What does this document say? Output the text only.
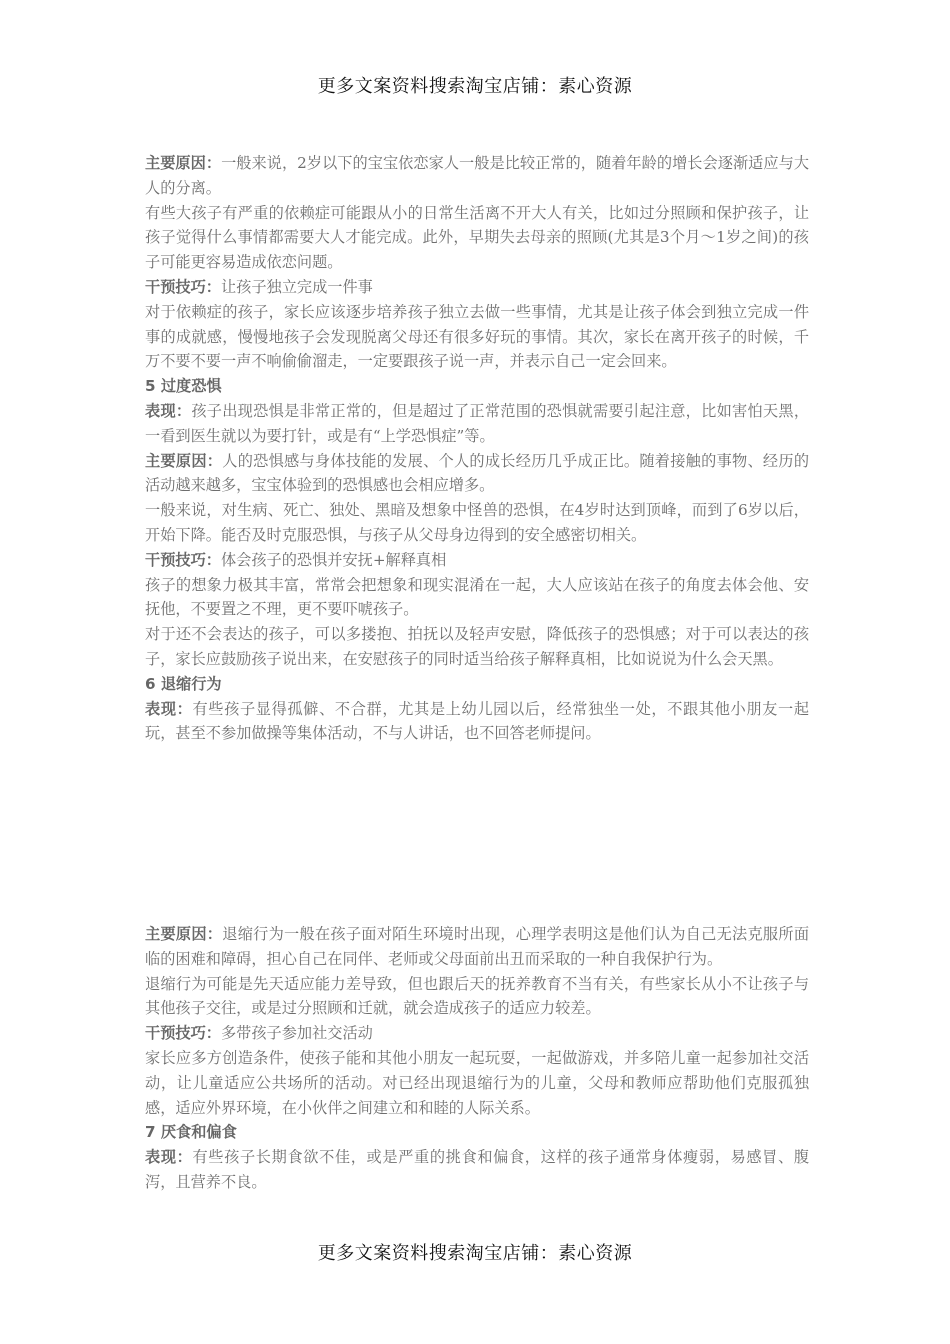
更多文案资料搜索淘宝店铺：素心资源

主要原因：一般来说，2岁以下的宝宝依恋家人一般是比较正常的，随着年龄的增长会逐渐适应与大人的分离。

有些大孩子有严重的依赖症可能跟从小的日常生活离不开大人有关，比如过分照顾和保护孩子，让孩子觉得什么事情都需要大人才能完成。此外，早期失去母亲的照顾(尤其是3个月～1岁之间)的孩子可能更容易造成依恋问题。

干预技巧：让孩子独立完成一件事

对于依赖症的孩子，家长应该逐步培养孩子独立去做一些事情，尤其是让孩子体会到独立完成一件事的成就感，慢慢地孩子会发现脱离父母还有很多好玩的事情。其次，家长在离开孩子的时候，千万不要不要一声不响偷偷溜走，一定要跟孩子说一声，并表示自己一定会回来。

5 过度恐惧

表现：孩子出现恐惧是非常正常的，但是超过了正常范围的恐惧就需要引起注意，比如害怕天黑，一看到医生就以为要打针，或是有“上学恐惧症”等。

主要原因：人的恐惧感与身体技能的发展、个人的成长经历几乎成正比。随着接触的事物、经历的活动越来越多，宝宝体验到的恐惧感也会相应增多。

一般来说，对生病、死亡、独处、黑暗及想象中怪兽的恐惧，在4岁时达到顶峰，而到了6岁以后，开始下降。能否及时克服恐惧，与孩子从父母身边得到的安全感密切相关。

干预技巧：体会孩子的恐惧并安抚+解释真相

孩子的想象力极其丰富，常常会把想象和现实混淆在一起，大人应该站在孩子的角度去体会他、安抚他，不要置之不理，更不要吓唬孩子。

对于还不会表达的孩子，可以多搂抱、拍抚以及轻声安慰，降低孩子的恐惧感；对于可以表达的孩子，家长应鼓励孩子说出来，在安慰孩子的同时适当给孩子解释真相，比如说说为什么会天黑。

6 退缩行为

表现：有些孩子显得孤僻、不合群，尤其是上幼儿园以后，经常独坐一处，不跟其他小朋友一起玩，甚至不参加做操等集体活动，不与人讲话，也不回答老师提问。

主要原因：退缩行为一般在孩子面对陌生环境时出现，心理学表明这是他们认为自己无法克服所面临的困难和障碍，担心自己在同伴、老师或父母面前出丑而采取的一种自我保护行为。

退缩行为可能是先天适应能力差导致，但也跟后天的抚养教育不当有关，有些家长从小不让孩子与其他孩子交往，或是过分照顾和迁就，就会造成孩子的适应力较差。

干预技巧：多带孩子参加社交活动

家长应多方创造条件，使孩子能和其他小朋友一起玩耍，一起做游戏，并多陪儿童一起参加社交活动，让儿童适应公共场所的活动。对已经出现退缩行为的儿童，父母和教师应帮助他们克服孤独感，适应外界环境，在小伙伴之间建立和和睦的人际关系。

7 厌食和偏食

表现：有些孩子长期食欲不佳，或是严重的挑食和偏食，这样的孩子通常身体瘦弱，易感冒、腹泻，且营养不良。

更多文案资料搜索淘宝店铺：素心资源
